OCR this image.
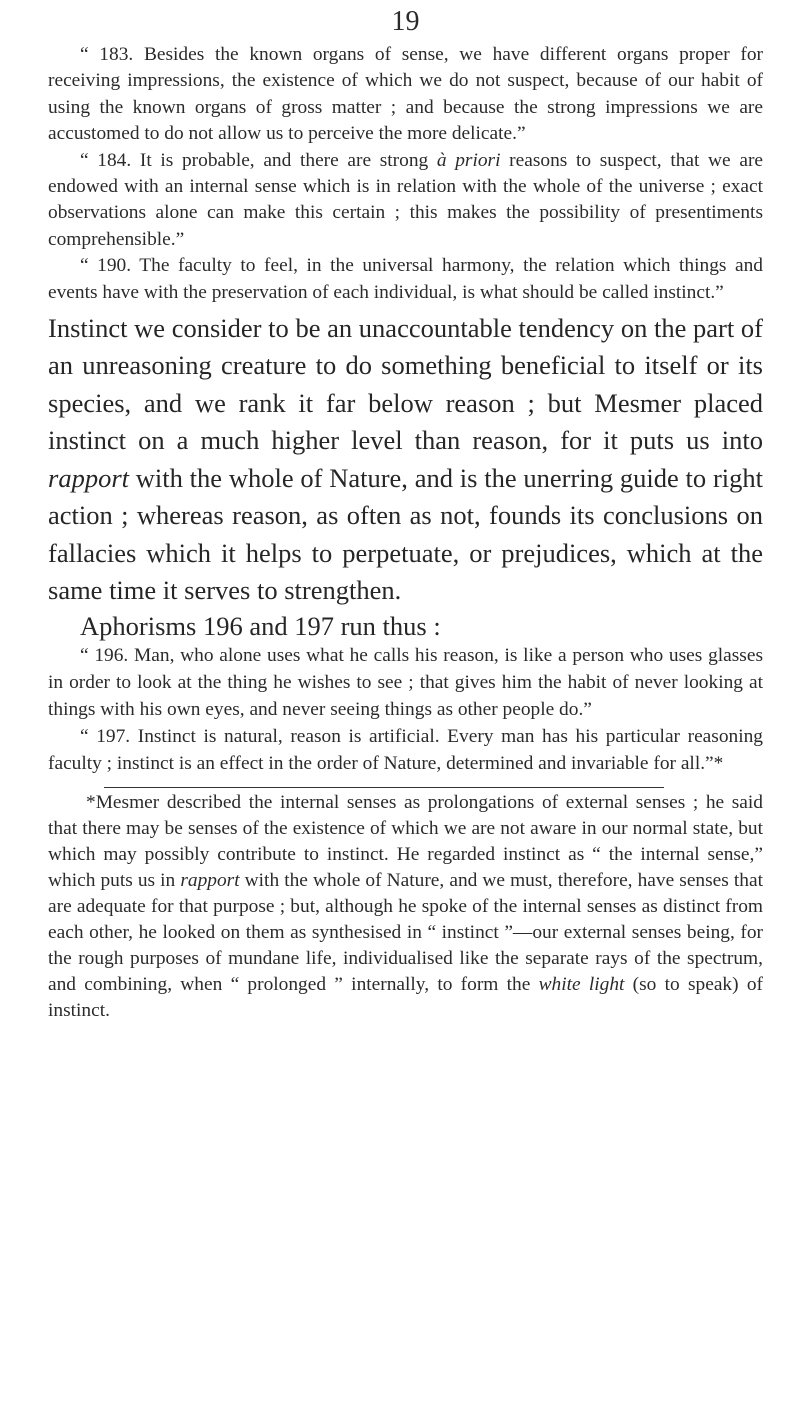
19

“ 183. Besides the known organs of sense, we have different organs proper for receiving impressions, the existence of which we do not suspect, because of our habit of using the known organs of gross matter ; and because the strong impressions we are accustomed to do not allow us to perceive the more delicate.”

“ 184. It is probable, and there are strong à priori reasons to suspect, that we are endowed with an internal sense which is in relation with the whole of the universe ; exact observations alone can make this certain ; this makes the possibility of presentiments comprehensible.”

“ 190. The faculty to feel, in the universal harmony, the relation which things and events have with the preservation of each individual, is what should be called instinct.”

Instinct we consider to be an unaccountable tendency on the part of an unreasoning creature to do something beneficial to itself or its species, and we rank it far below reason ; but Mesmer placed instinct on a much higher level than reason, for it puts us into rapport with the whole of Nature, and is the unerring guide to right action ; whereas reason, as often as not, founds its conclusions on fallacies which it helps to perpetuate, or prejudices, which at the same time it serves to strengthen.

Aphorisms 196 and 197 run thus :

“ 196. Man, who alone uses what he calls his reason, is like a person who uses glasses in order to look at the thing he wishes to see ; that gives him the habit of never looking at things with his own eyes, and never seeing things as other people do.”

“ 197. Instinct is natural, reason is artificial. Every man has his particular reasoning faculty ; instinct is an effect in the order of Nature, determined and invariable for all.”*

*Mesmer described the internal senses as prolongations of external senses ; he said that there may be senses of the existence of which we are not aware in our normal state, but which may possibly contribute to instinct. He regarded instinct as “ the internal sense,” which puts us in rapport with the whole of Nature, and we must, therefore, have senses that are adequate for that purpose ; but, although he spoke of the internal senses as distinct from each other, he looked on them as synthesised in “ instinct ”—our external senses being, for the rough purposes of mundane life, individualised like the separate rays of the spectrum, and combining, when “ prolonged ” internally, to form the white light (so to speak) of instinct.
